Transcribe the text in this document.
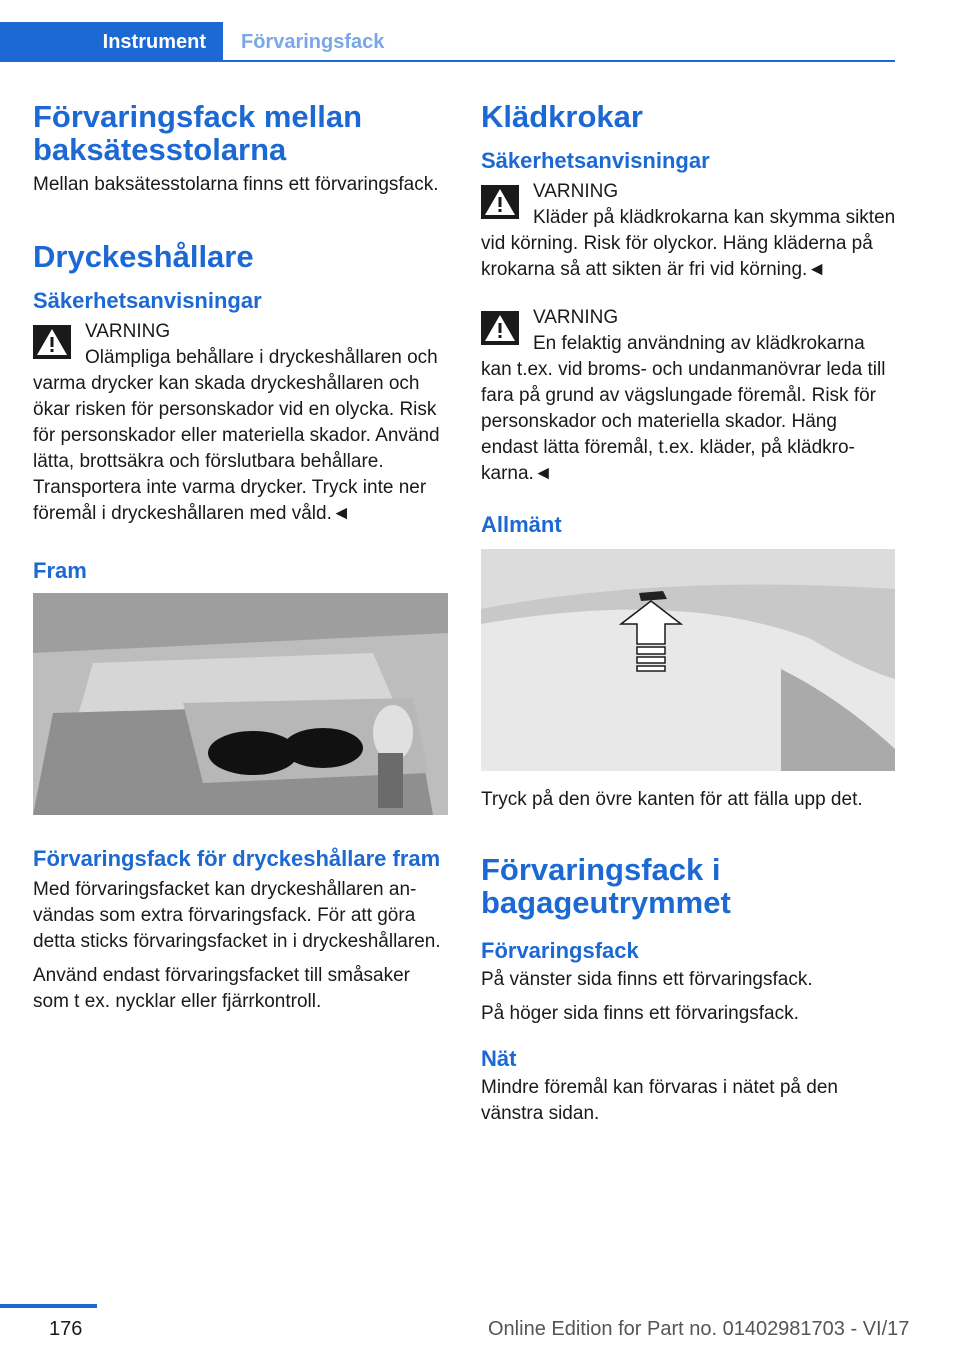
Instrument	Förvaringsfack
Förvaringsfack mellan baksätesstolarna

Mellan baksätesstolarna finns ett förvaringsfack.

Dryckeshållare
Säkerhetsanvisningar
VARNING
Olämpliga behållare i dryckeshållaren och varma drycker kan skada dryckeshållaren och ökar risken för personskador vid en olycka. Risk för personskador eller materiella skador. Använd lätta, brottsäkra och förslutbara behållare. Transportera inte varma drycker. Tryck inte ner föremål i dryckeshållaren med våld.◄
Fram
Förvaringsfack för dryckeshållare fram

Med förvaringsfacket kan dryckeshållaren användas som extra förvaringsfack. För att göra detta sticks förvaringsfacket in i dryckeshållaren.

Använd endast förvaringsfacket till småsaker som t ex. nycklar eller fjärrkontroll.

Klädkrokar
Säkerhetsanvisningar
VARNING
Kläder på klädkrokarna kan skymma sikten vid körning. Risk för olyckor. Häng kläderna på krokarna så att sikten är fri vid körning.◄
VARNING
En felaktig användning av klädkrokarna kan t.ex. vid broms- och undanmanövrar leda till fara på grund av vägslungade föremål. Risk för personskador och materiella skador. Häng endast lätta föremål, t.ex. kläder, på klädkrokarna.◄
Allmänt

Tryck på den övre kanten för att fälla upp det.

Förvaringsfack i bagageutrymmet
Förvaringsfack

På vänster sida finns ett förvaringsfack.

På höger sida finns ett förvaringsfack.

Nät

Mindre föremål kan förvaras i nätet på den vänstra sidan.

176	Online Edition for Part no. 01402981703 - VI/17
